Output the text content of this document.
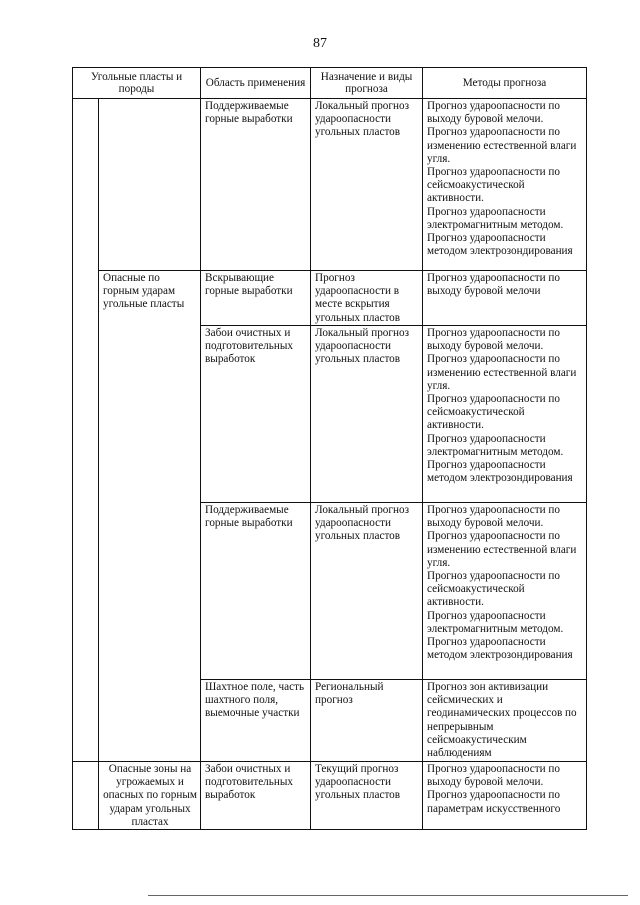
87
Угольные пласты и породы		Область применения	Назначение и виды прогноза	Методы прогноза
		Поддерживаемые горные выработки	Локальный прогноз удароопасности угольных пластов	Прогноз удароопасности по выходу буровой мелочи.
Прогноз удароопасности по изменению естественной влаги угля.
Прогноз удароопасности по сейсмоакустической активности.
Прогноз удароопасности электромагнитным методом.
Прогноз удароопасности методом электрозондирования

	Опасные по горным ударам угольные пласты	Вскрывающие горные выработки	Прогноз удароопасности в месте вскрытия угольных пластов	Прогноз удароопасности по выходу буровой мелочи

		Забои очистных и подготовительных выработок	Локальный прогноз удароопасности угольных пластов	Прогноз удароопасности по выходу буровой мелочи.
Прогноз удароопасности по изменению естественной влаги угля.
Прогноз удароопасности по сейсмоакустической активности.
Прогноз удароопасности электромагнитным методом.
Прогноз удароопасности методом электрозондирования

		Поддерживаемые горные выработки	Локальный прогноз удароопасности угольных пластов	Прогноз удароопасности по выходу буровой мелочи.
Прогноз удароопасности по изменению естественной влаги угля.
Прогноз удароопасности по сейсмоакустической активности.
Прогноз удароопасности электромагнитным методом.
Прогноз удароопасности методом электрозондирования

		Шахтное поле, часть шахтного поля, выемочные участки	Региональный прогноз	Прогноз зон активизации сейсмических и геодинамических процессов по непрерывным сейсмоакустическим наблюдениям

	Опасные зоны на угрожаемых и опасных по горным ударам угольных пластах	Забои очистных и подготовительных выработок	Текущий прогноз удароопасности угольных пластов	Прогноз удароопасности по выходу буровой мелочи.
Прогноз удароопасности по параметрам искусственного
